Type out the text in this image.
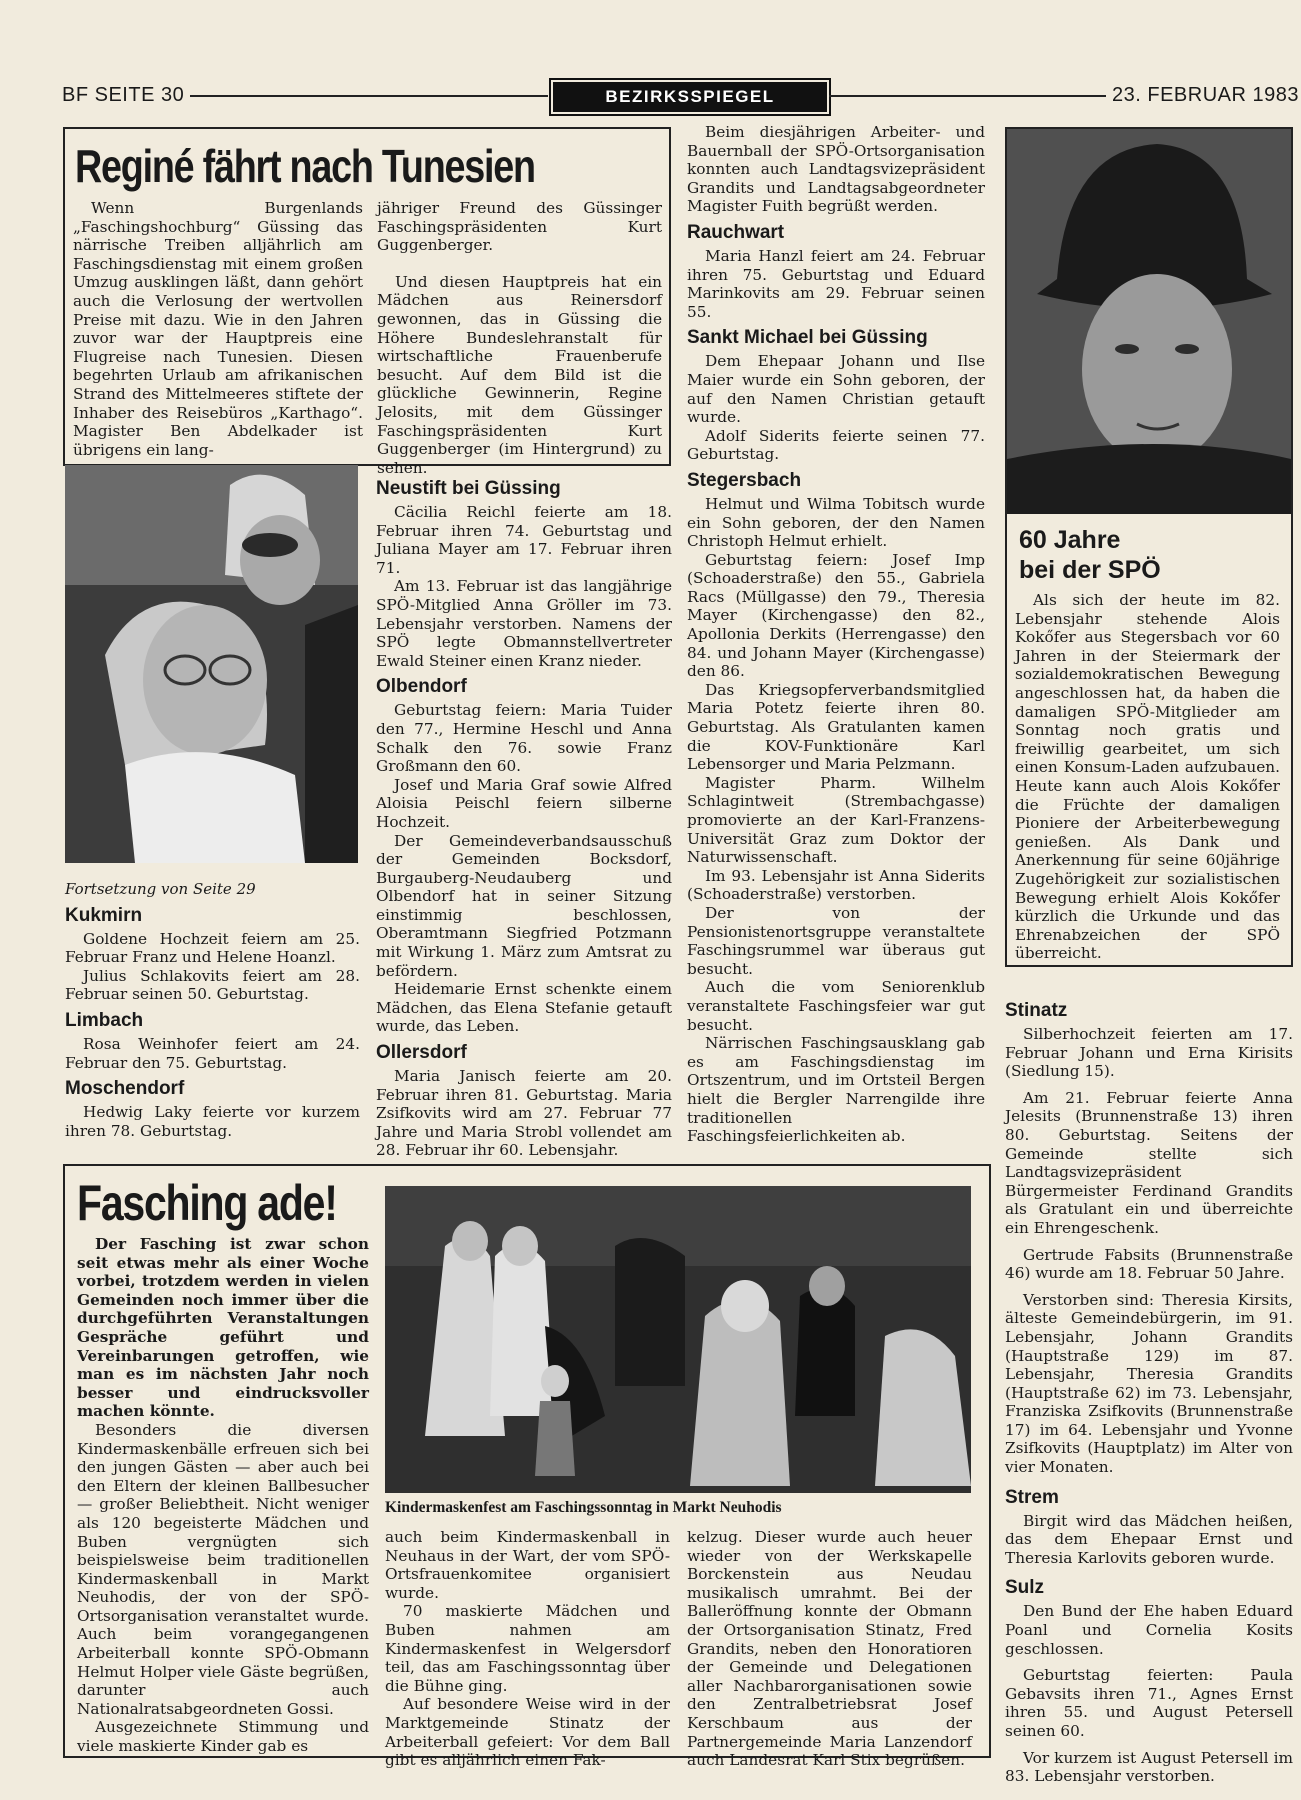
BF SEITE 30	BEZIRKSSPIEGEL	23. FEBRUAR 1983
Reginé fährt nach Tunesien

Wenn Burgenlands „Faschingshochburg“ Güssing das närrische Treiben alljährlich am Faschingsdienstag mit einem großen Umzug ausklingen läßt, dann gehört auch die Verlosung der wertvollen Preise mit dazu. Wie in den Jahren zuvor war der Hauptpreis eine Flugreise nach Tunesien. Diesen begehrten Urlaub am afrikanischen Strand des Mittelmeeres stiftete der Inhaber des Reisebüros „Karthago“. Magister Ben Abdelkader ist übrigens ein lang-

jähriger Freund des Güssinger Faschingspräsidenten Kurt Guggenberger.

Und diesen Hauptpreis hat ein Mädchen aus Reinersdorf gewonnen, das in Güssing die Höhere Bundeslehranstalt für wirtschaftliche Frauenberufe besucht. Auf dem Bild ist die glückliche Gewinnerin, Regine Jelosits, mit dem Güssinger Faschingspräsidenten Kurt Guggenberger (im Hintergrund) zu sehen.

Fortsetzung von Seite 29

Kukmirn

Goldene Hochzeit feiern am 25. Februar Franz und Helene Hoanzl.

Julius Schlakovits feiert am 28. Februar seinen 50. Geburtstag.

Limbach

Rosa Weinhofer feiert am 24. Februar den 75. Geburtstag.

Moschendorf

Hedwig Laky feierte vor kurzem ihren 78. Geburtstag.

Neustift bei Güssing

Cäcilia Reichl feierte am 18. Februar ihren 74. Geburtstag und Juliana Mayer am 17. Februar ihren 71.

Am 13. Februar ist das langjährige SPÖ-Mitglied Anna Gröller im 73. Lebensjahr verstorben. Namens der SPÖ legte Obmannstellvertreter Ewald Steiner einen Kranz nieder.

Olbendorf

Geburtstag feiern: Maria Tuider den 77., Hermine Heschl und Anna Schalk den 76. sowie Franz Großmann den 60.

Josef und Maria Graf sowie Alfred Aloisia Peischl feiern silberne Hochzeit.

Der Gemeindeverbandsausschuß der Gemeinden Bocksdorf, Burgauberg-Neudauberg und Olbendorf hat in seiner Sitzung einstimmig beschlossen, Oberamtmann Siegfried Potzmann mit Wirkung 1. März zum Amtsrat zu befördern.

Heidemarie Ernst schenkte einem Mädchen, das Elena Stefanie getauft wurde, das Leben.

Ollersdorf

Maria Janisch feierte am 20. Februar ihren 81. Geburtstag. Maria Zsifkovits wird am 27. Februar 77 Jahre und Maria Strobl vollendet am 28. Februar ihr 60. Lebensjahr.

Beim diesjährigen Arbeiter- und Bauernball der SPÖ-Ortsorganisation konnten auch Landtagsvizepräsident Grandits und Landtagsabgeordneter Magister Fuith begrüßt werden.

Rauchwart

Maria Hanzl feiert am 24. Februar ihren 75. Geburtstag und Eduard Marinkovits am 29. Februar seinen 55.

Sankt Michael bei Güssing

Dem Ehepaar Johann und Ilse Maier wurde ein Sohn geboren, der auf den Namen Christian getauft wurde.

Adolf Siderits feierte seinen 77. Geburtstag.

Stegersbach

Helmut und Wilma Tobitsch wurde ein Sohn geboren, der den Namen Christoph Helmut erhielt.

Geburtstag feiern: Josef Imp (Schoaderstraße) den 55., Gabriela Racs (Müllgasse) den 79., Theresia Mayer (Kirchengasse) den 82., Apollonia Derkits (Herrengasse) den 84. und Johann Mayer (Kirchengasse) den 86.

Das Kriegsopferverbandsmitglied Maria Potetz feierte ihren 80. Geburtstag. Als Gratulanten kamen die KOV-Funktionäre Karl Lebensorger und Maria Pelzmann.

Magister Pharm. Wilhelm Schlagintweit (Strembachgasse) promovierte an der Karl-Franzens-Universität Graz zum Doktor der Naturwissenschaft.

Im 93. Lebensjahr ist Anna Siderits (Schoaderstraße) verstorben.

Der von der Pensionistenortsgruppe veranstaltete Faschingsrummel war überaus gut besucht.

Auch die vom Seniorenklub veranstaltete Faschingsfeier war gut besucht.

Närrischen Faschingsausklang gab es am Faschingsdienstag im Ortszentrum, und im Ortsteil Bergen hielt die Bergler Narrengilde ihre traditionellen Faschingsfeierlichkeiten ab.

60 Jahre
bei der SPÖ

Als sich der heute im 82. Lebensjahr stehende Alois Kokőfer aus Stegersbach vor 60 Jahren in der Steiermark der sozialdemokratischen Bewegung angeschlossen hat, da haben die damaligen SPÖ-Mitglieder am Sonntag noch gratis und freiwillig gearbeitet, um sich einen Konsum-Laden aufzubauen. Heute kann auch Alois Kokőfer die Früchte der damaligen Pioniere der Arbeiterbewegung genießen. Als Dank und Anerkennung für seine 60jährige Zugehörigkeit zur sozialistischen Bewegung erhielt Alois Kokőfer kürzlich die Urkunde und das Ehrenabzeichen der SPÖ überreicht.

Stinatz

Silberhochzeit feierten am 17. Februar Johann und Erna Kirisits (Siedlung 15).

Am 21. Februar feierte Anna Jelesits (Brunnenstraße 13) ihren 80. Geburtstag. Seitens der Gemeinde stellte sich Landtagsvizepräsident Bürgermeister Ferdinand Grandits als Gratulant ein und überreichte ein Ehrengeschenk.

Gertrude Fabsits (Brunnenstraße 46) wurde am 18. Februar 50 Jahre.

Verstorben sind: Theresia Kirsits, älteste Gemeindebürgerin, im 91. Lebensjahr, Johann Grandits (Hauptstraße 129) im 87. Lebensjahr, Theresia Grandits (Hauptstraße 62) im 73. Lebensjahr, Franziska Zsifkovits (Brunnenstraße 17) im 64. Lebensjahr und Yvonne Zsifkovits (Hauptplatz) im Alter von vier Monaten.

Strem

Birgit wird das Mädchen heißen, das dem Ehepaar Ernst und Theresia Karlovits geboren wurde.

Sulz

Den Bund der Ehe haben Eduard Poanl und Cornelia Kosits geschlossen.

Geburtstag feierten: Paula Gebavsits ihren 71., Agnes Ernst ihren 55. und August Petersell seinen 60.

Vor kurzem ist August Petersell im 83. Lebensjahr verstorben.

Fasching ade!

Der Fasching ist zwar schon seit etwas mehr als einer Woche vorbei, trotzdem werden in vielen Gemeinden noch immer über die durchgeführten Veranstaltungen Gespräche geführt und Vereinbarungen getroffen, wie man es im nächsten Jahr noch besser und eindrucksvoller machen könnte.

Besonders die diversen Kindermaskenbälle erfreuen sich bei den jungen Gästen — aber auch bei den Eltern der kleinen Ballbesucher — großer Beliebtheit. Nicht weniger als 120 begeisterte Mädchen und Buben vergnügten sich beispielsweise beim traditionellen Kindermaskenball in Markt Neuhodis, der von der SPÖ-Ortsorganisation veranstaltet wurde. Auch beim vorangegangenen Arbeiterball konnte SPÖ-Obmann Helmut Holper viele Gäste begrüßen, darunter auch Nationalratsabgeordneten Gossi.

Ausgezeichnete Stimmung und viele maskierte Kinder gab es

Kindermaskenfest am Faschingssonntag in Markt Neuhodis

auch beim Kindermaskenball in Neuhaus in der Wart, der vom SPÖ-Ortsfrauenkomitee organisiert wurde.

70 maskierte Mädchen und Buben nahmen am Kindermaskenfest in Welgersdorf teil, das am Faschingssonntag über die Bühne ging.

Auf besondere Weise wird in der Marktgemeinde Stinatz der Arbeiterball gefeiert: Vor dem Ball gibt es alljährlich einen Fak-

kelzug. Dieser wurde auch heuer wieder von der Werkskapelle Borckenstein aus Neudau musikalisch umrahmt. Bei der Balleröffnung konnte der Obmann der Ortsorganisation Stinatz, Fred Grandits, neben den Honoratioren der Gemeinde und Delegationen aller Nachbarorganisationen sowie den Zentralbetriebsrat Josef Kerschbaum aus der Partnergemeinde Maria Lanzendorf auch Landesrat Karl Stix begrüßen.
